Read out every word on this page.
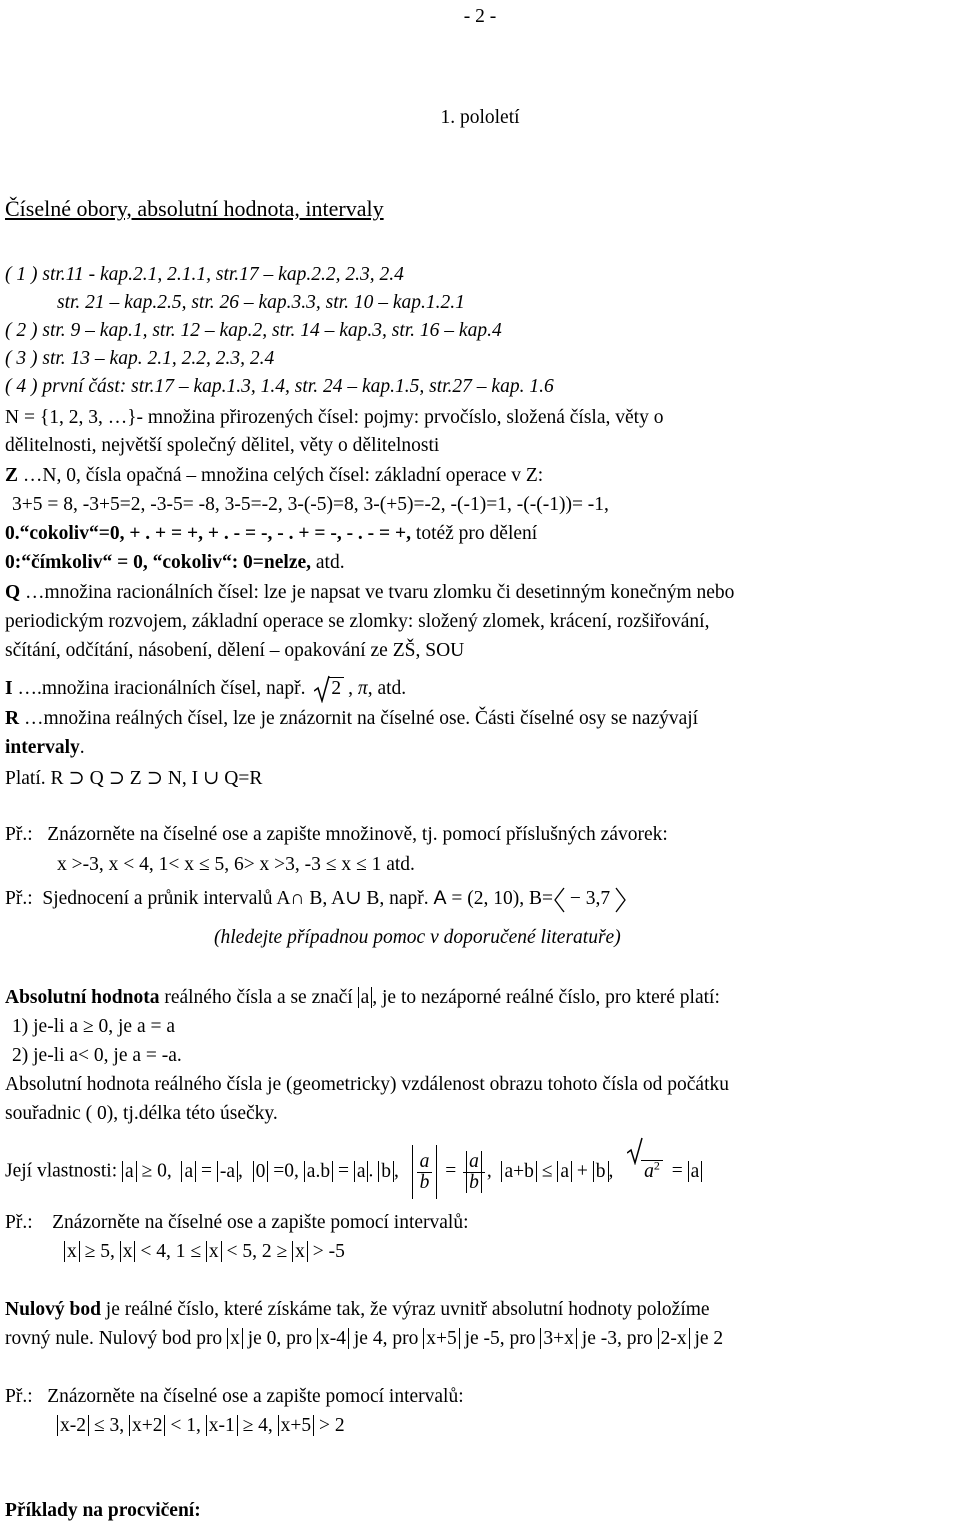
- 2 -
1. pololetí
Číselné obory, absolutní hodnota, intervaly
( 1 ) str.11 - kap.2.1, 2.1.1, str.17 – kap.2.2, 2.3, 2.4
str. 21 – kap.2.5, str. 26 – kap.3.3, str. 10 – kap.1.2.1
( 2 ) str. 9 – kap.1, str. 12 – kap.2, str. 14 – kap.3, str. 16 – kap.4
( 3 ) str. 13 – kap. 2.1, 2.2, 2.3, 2.4
( 4 ) první část: str.17 – kap.1.3, 1.4, str. 24 – kap.1.5, str.27 – kap. 1.6
N = {1, 2, 3, …}- množina přirozených čísel: pojmy: prvočíslo, složená čísla, věty o
dělitelnosti, největší společný dělitel, věty o dělitelnosti
Z …N, 0, čísla opačná – množina celých čísel: základní operace v Z:
3+5 = 8, -3+5=2, -3-5= -8, 3-5=-2, 3-(-5)=8, 3-(+5)=-2, -(-1)=1, -(-(-1))= -1,
0.“cokoliv“=0, + . + = +, + . - = -, - . + = -, - . - = +, totéž pro dělení
0:“čímkoliv“ = 0, “cokoliv“: 0=nelze, atd.
Q …množina racionálních čísel: lze je napsat ve tvaru zlomku či desetinným konečným nebo
periodickým rozvojem, základní operace se zlomky: složený zlomek, krácení, rozšiřování,
sčítání, odčítání, násobení, dělení – opakování ze ZŠ, SOU
I ….množina iracionálních čísel, např. 2 , π, atd.
R …množina reálných čísel, lze je znázornit na číselné ose. Části číselné osy se nazývají
intervaly.
Platí. R ⊃ Q ⊃ Z ⊃ N, I ∪ Q=R
Př.: Znázorněte na číselné ose a zapište množinově, tj. pomocí příslušných závorek:
x >-3, x < 4, 1< x ≤ 5, 6> x >3, -3 ≤ x ≤ 1 atd.
Př.: Sjednocení a průnik intervalů A∩ B, A∪ B, např. A = (2, 10), B= − 3,7
(hledejte případnou pomoc v doporučené literatuře)
Absolutní hodnota reálného čísla a se značí a , je to nezáporné reálné číslo, pro které platí:
1) je-li a ≥ 0, je a = a
2) je-li a< 0, je a = -a.
Absolutní hodnota reálného čísla je (geometricky) vzdálenost obrazu tohoto čísla od počátku
souřadnic ( 0), tj.délka této úsečky.
Její vlastnosti: a ≥ 0,  a = -a ,  0 =0, a.b = a . b , $\frac{a}{b} = \frac{a}{b}$ ,  a+b ≤ a + b ,
$a^2 = a$
Př.: Znázorněte na číselné ose a zapište pomocí intervalů:
x ≥ 5, x < 4, 1 ≤ x < 5, 2 ≥ x > -5
Nulový bod je reálné číslo, které získáme tak, že výraz uvnitř absolutní hodnoty položíme
rovný nule. Nulový bod pro x je 0, pro x-4 je 4, pro x+5 je -5, pro 3+x je -3, pro 2-x je 2
Př.: Znázorněte na číselné ose a zapište pomocí intervalů:
x-2 ≤ 3, x+2 < 1, x-1 ≥ 4, x+5 > 2
Příklady na procvičení:
